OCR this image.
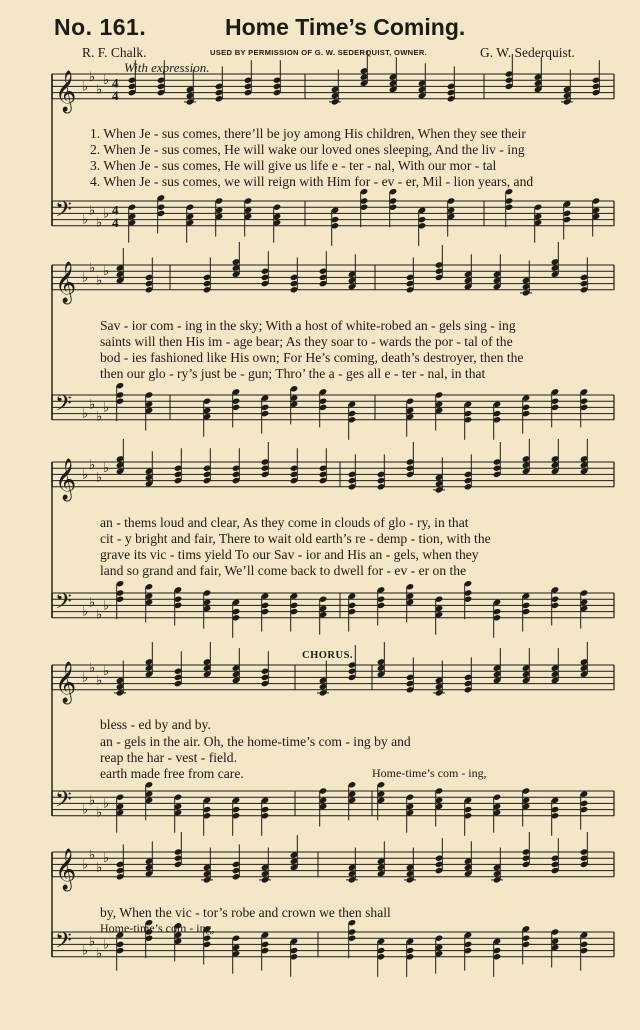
No. 161.	Home Time’s Coming.
R. F. Chalk.	USED BY PERMISSION OF G. W. SEDERQUIST, OWNER.	G. W. Sederquist.
With expression.
𝄞 ♭
♭
♭
♭ 4
4
𝄢 ♭
♭
♭
♭ 4
4
𝄞 ♭
♭
♭
♭
𝄢 ♭
♭
♭
♭
𝄞 ♭
♭
♭
♭
𝄢 ♭
♭
♭
♭
𝄞 ♭
♭
♭
♭
𝄢 ♭
♭
♭
♭
𝄞 ♭
♭
♭
♭
𝄢 ♭
♭
♭
♭

1. When Je - sus comes, there’ll be joy among His children, When they see their

2. When Je - sus comes, He will wake our loved ones sleeping, And the liv - ing

3. When Je - sus comes, He will give us life e - ter - nal, With our mor - tal

4. When Je - sus comes, we will reign with Him for - ev - er, Mil - lion years, and

Sav - ior com - ing in the sky; With a host of white-robed an - gels sing - ing

saints will then His im - age bear; As they soar to - wards the por - tal of the

bod - ies fashioned like His own; For He’s coming, death’s destroyer, then the

then our glo - ry’s just be - gun; Thro’ the a - ges all e - ter - nal, in that

an - thems loud and clear, As they come in clouds of glo - ry, in that

cit - y bright and fair, There to wait old earth’s re - demp - tion, with the

grave its vic - tims yield To our Sav - ior and His an - gels, when they

land so grand and fair, We’ll come back to dwell for - ev - er on the

CHORUS.

bless - ed by and by.

an - gels in the air. Oh, the home-time’s com - ing by and

reap the har - vest - field.

earth made free from care.	Home-time’s com - ing,

by, When the vic - tor’s robe and crown we then shall

Home-time’s com - ing,
